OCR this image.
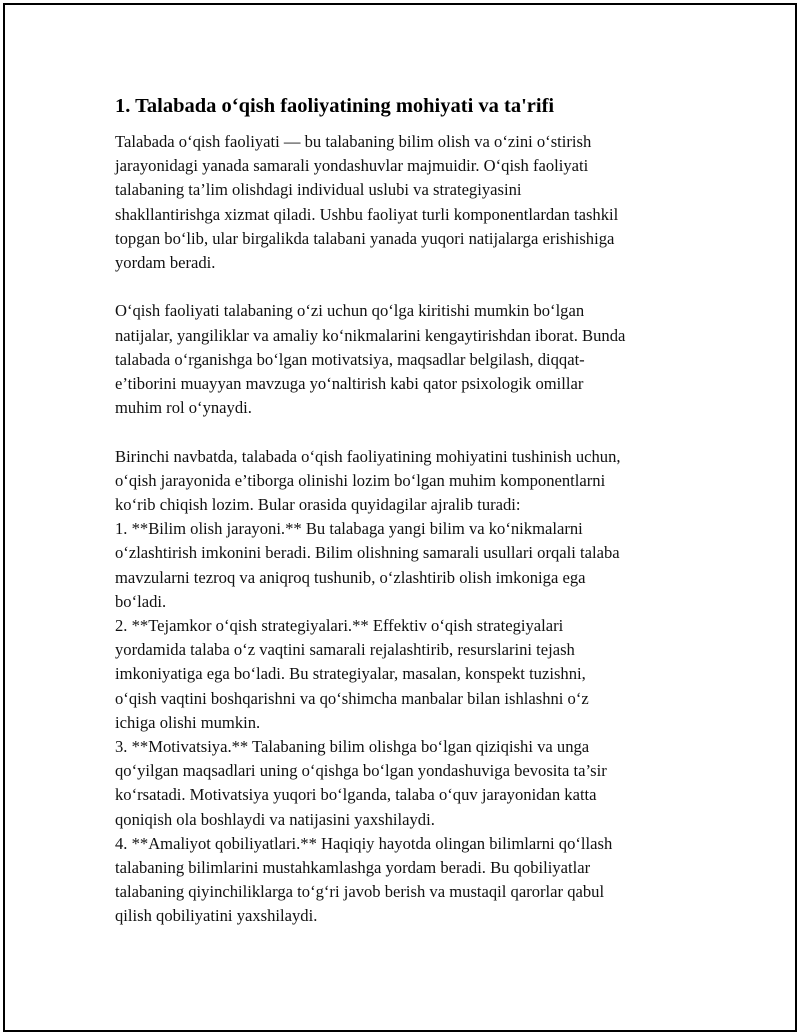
1. Talabada o‘qish faoliyatining mohiyati va ta'rifi
Talabada o‘qish faoliyati — bu talabaning bilim olish va o‘zini o‘stirish
jarayonidagi yanada samarali yondashuvlar majmuidir. O‘qish faoliyati
talabaning ta’lim olishdagi individual uslubi va strategiyasini
shakllantirishga xizmat qiladi. Ushbu faoliyat turli komponentlardan tashkil
topgan bo‘lib, ular birgalikda talabani yanada yuqori natijalarga erishishiga
yordam beradi.
O‘qish faoliyati talabaning o‘zi uchun qo‘lga kiritishi mumkin bo‘lgan
natijalar, yangiliklar va amaliy ko‘nikmalarini kengaytirishdan iborat. Bunda
talabada o‘rganishga bo‘lgan motivatsiya, maqsadlar belgilash, diqqat-
e’tiborini muayyan mavzuga yo‘naltirish kabi qator psixologik omillar
muhim rol o‘ynaydi.
Birinchi navbatda, talabada o‘qish faoliyatining mohiyatini tushinish uchun,
o‘qish jarayonida e’tiborga olinishi lozim bo‘lgan muhim komponentlarni
ko‘rib chiqish lozim. Bular orasida quyidagilar ajralib turadi:
1. **Bilim olish jarayoni.** Bu talabaga yangi bilim va ko‘nikmalarni
o‘zlashtirish imkonini beradi. Bilim olishning samarali usullari orqali talaba
mavzularni tezroq va aniqroq tushunib, o‘zlashtirib olish imkoniga ega
bo‘ladi.
2. **Tejamkor o‘qish strategiyalari.** Effektiv o‘qish strategiyalari
yordamida talaba o‘z vaqtini samarali rejalashtirib, resurslarini tejash
imkoniyatiga ega bo‘ladi. Bu strategiyalar, masalan, konspekt tuzishni,
o‘qish vaqtini boshqarishni va qo‘shimcha manbalar bilan ishlashni o‘z
ichiga olishi mumkin.
3. **Motivatsiya.** Talabaning bilim olishga bo‘lgan qiziqishi va unga
qo‘yilgan maqsadlari uning o‘qishga bo‘lgan yondashuviga bevosita ta’sir
ko‘rsatadi. Motivatsiya yuqori bo‘lganda, talaba o‘quv jarayonidan katta
qoniqish ola boshlaydi va natijasini yaxshilaydi.
4. **Amaliyot qobiliyatlari.** Haqiqiy hayotda olingan bilimlarni qo‘llash
talabaning bilimlarini mustahkamlashga yordam beradi. Bu qobiliyatlar
talabaning qiyinchiliklarga to‘g‘ri javob berish va mustaqil qarorlar qabul
qilish qobiliyatini yaxshilaydi.
